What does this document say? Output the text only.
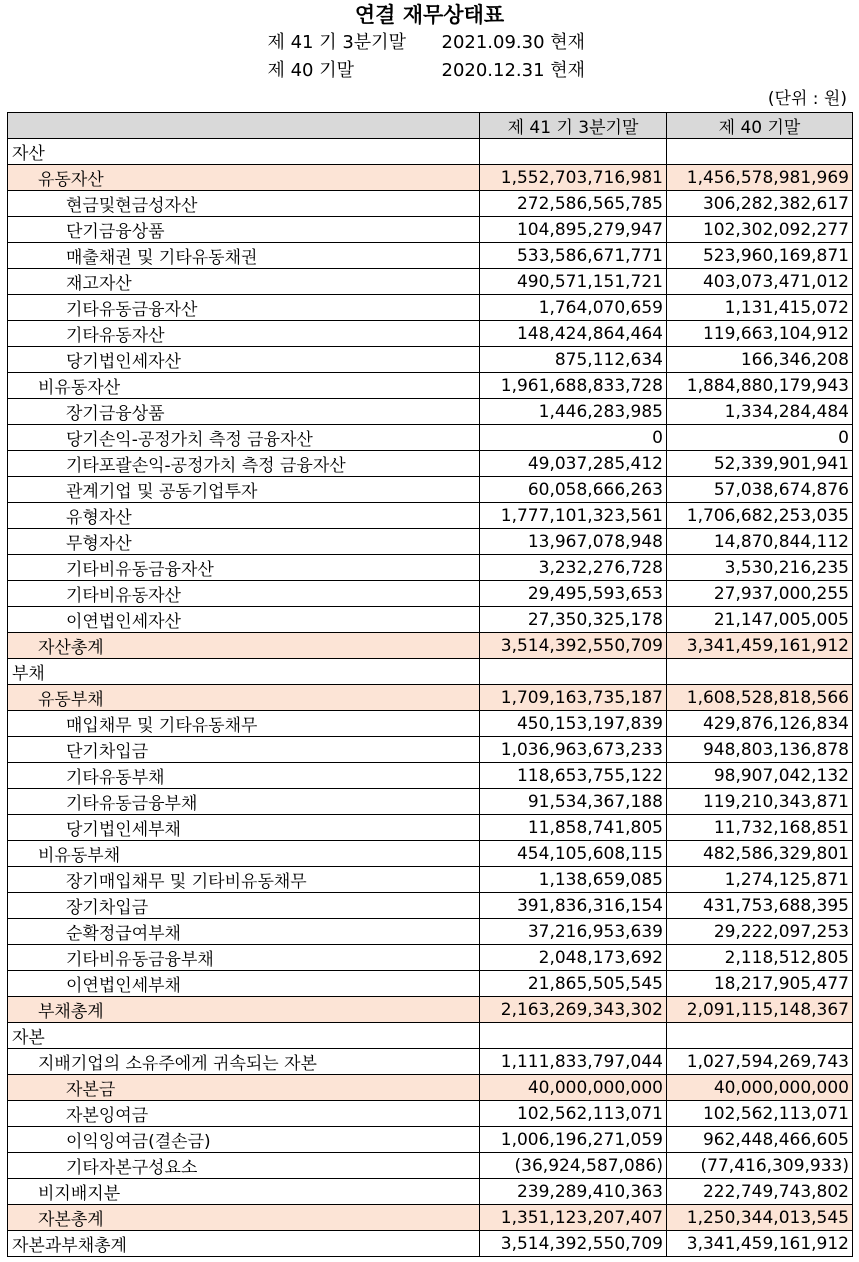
연결 재무상태표
제 41 기 3분기말 2021.09.30 현재
제 40 기말	2020.12.31 현재
(단위 : 원)
	제 41 기 3분기말	제 40 기말
자산		
유동자산	1,552,703,716,981	1,456,578,981,969
현금및현금성자산	272,586,565,785	306,282,382,617
단기금융상품	104,895,279,947	102,302,092,277
매출채권 및 기타유동채권	533,586,671,771	523,960,169,871
재고자산	490,571,151,721	403,073,471,012
기타유동금융자산	1,764,070,659	1,131,415,072
기타유동자산	148,424,864,464	119,663,104,912
당기법인세자산	875,112,634	166,346,208
비유동자산	1,961,688,833,728	1,884,880,179,943
장기금융상품	1,446,283,985	1,334,284,484
당기손익-공정가치 측정 금융자산	0	0
기타포괄손익-공정가치 측정 금융자산	49,037,285,412	52,339,901,941
관계기업 및 공동기업투자	60,058,666,263	57,038,674,876
유형자산	1,777,101,323,561	1,706,682,253,035
무형자산	13,967,078,948	14,870,844,112
기타비유동금융자산	3,232,276,728	3,530,216,235
기타비유동자산	29,495,593,653	27,937,000,255
이연법인세자산	27,350,325,178	21,147,005,005
자산총계	3,514,392,550,709	3,341,459,161,912
부채		
유동부채	1,709,163,735,187	1,608,528,818,566
매입채무 및 기타유동채무	450,153,197,839	429,876,126,834
단기차입금	1,036,963,673,233	948,803,136,878
기타유동부채	118,653,755,122	98,907,042,132
기타유동금융부채	91,534,367,188	119,210,343,871
당기법인세부채	11,858,741,805	11,732,168,851
비유동부채	454,105,608,115	482,586,329,801
장기매입채무 및 기타비유동채무	1,138,659,085	1,274,125,871
장기차입금	391,836,316,154	431,753,688,395
순확정급여부채	37,216,953,639	29,222,097,253
기타비유동금융부채	2,048,173,692	2,118,512,805
이연법인세부채	21,865,505,545	18,217,905,477
부채총계	2,163,269,343,302	2,091,115,148,367
자본		
지배기업의 소유주에게 귀속되는 자본	1,111,833,797,044	1,027,594,269,743
자본금	40,000,000,000	40,000,000,000
자본잉여금	102,562,113,071	102,562,113,071
이익잉여금(결손금)	1,006,196,271,059	962,448,466,605
기타자본구성요소	(36,924,587,086)	(77,416,309,933)
비지배지분	239,289,410,363	222,749,743,802
자본총계	1,351,123,207,407	1,250,344,013,545
자본과부채총계	3,514,392,550,709	3,341,459,161,912
